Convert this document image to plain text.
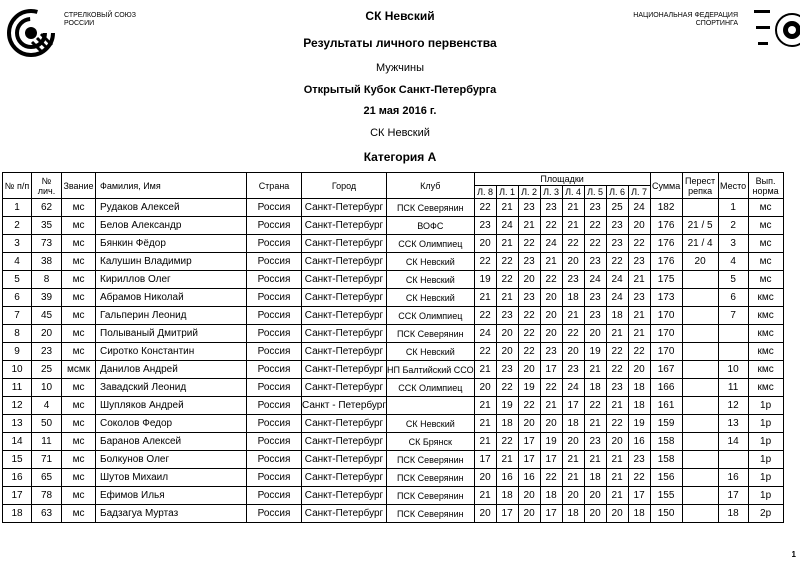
СТРЕЛКОВЫЙ СОЮЗ
РОССИИ
НАЦИОНАЛЬНАЯ ФЕДЕРАЦИЯ
СПОРТИНГА
СК Невский
Результаты личного первенства
Мужчины
Открытый Кубок Санкт-Петербурга
21 мая 2016 г.
СК Невский
Категория А
№ п/п	№ лич.	Звание	Фамилия, Имя	Страна	Город	Клуб	Площадки								Сумма	Перест репка	Место	Вып. норма
							Л. 8	Л. 1	Л. 2	Л. 3	Л. 4	Л. 5	Л. 6	Л. 7				
1	62	мс	Рудаков Алексей	Россия	Санкт-Петербург	ПСК Северянин	22	21	23	23	21	23	25	24	182		1	мс
2	35	мс	Белов Александр	Россия	Санкт-Петербург	ВОФС	23	24	21	22	21	22	23	20	176	21 / 5	2	мс
3	73	мс	Бянкин Фёдор	Россия	Санкт-Петербург	ССК Олимпиец	20	21	22	24	22	22	23	22	176	21 / 4	3	мс
4	38	мс	Калушин Владимир	Россия	Санкт-Петербург	СК Невский	22	22	23	21	20	23	22	23	176	20	4	мс
5	8	мс	Кириллов Олег	Россия	Санкт-Петербург	СК Невский	19	22	20	22	23	24	24	21	175		5	мс
6	39	мс	Абрамов Николай	Россия	Санкт-Петербург	СК Невский	21	21	23	20	18	23	24	23	173		6	кмс
7	45	мс	Гальперин Леонид	Россия	Санкт-Петербург	ССК Олимпиец	22	23	22	20	21	23	18	21	170		7	кмс
8	20	мс	Полываный Дмитрий	Россия	Санкт-Петербург	ПСК Северянин	24	20	22	20	22	20	21	21	170			кмс
9	23	мс	Сиротко Константин	Россия	Санкт-Петербург	СК Невский	22	20	22	23	20	19	22	22	170			кмс
10	25	мсмк	Данилов Андрей	Россия	Санкт-Петербург	НП Балтийский ССО	21	23	20	17	23	21	22	20	167		10	кмс
11	10	мс	Завадский Леонид	Россия	Санкт-Петербург	ССК Олимпиец	20	22	19	22	24	18	23	18	166		11	кмс
12	4	мс	Шупляков Андрей	Россия	Санкт - Петербург		21	19	22	21	17	22	21	18	161		12	1р
13	50	мс	Соколов Федор	Россия	Санкт-Петербург	СК Невский	21	18	20	20	18	21	22	19	159		13	1р
14	11	мс	Баранов Алексей	Россия	Санкт-Петербург	СК Брянск	21	22	17	19	20	23	20	16	158		14	1р
15	71	мс	Болкунов Олег	Россия	Санкт-Петербург	ПСК Северянин	17	21	17	17	21	21	21	23	158			1р
16	65	мс	Шутов Михаил	Россия	Санкт-Петербург	ПСК Северянин	20	16	16	22	21	18	21	22	156		16	1р
17	78	мс	Ефимов Илья	Россия	Санкт-Петербург	ПСК Северянин	21	18	20	18	20	20	21	17	155		17	1р
18	63	мс	Бадзагуа Муртаз	Россия	Санкт-Петербург	ПСК Северянин	20	17	20	17	18	20	20	18	150		18	2р
1
